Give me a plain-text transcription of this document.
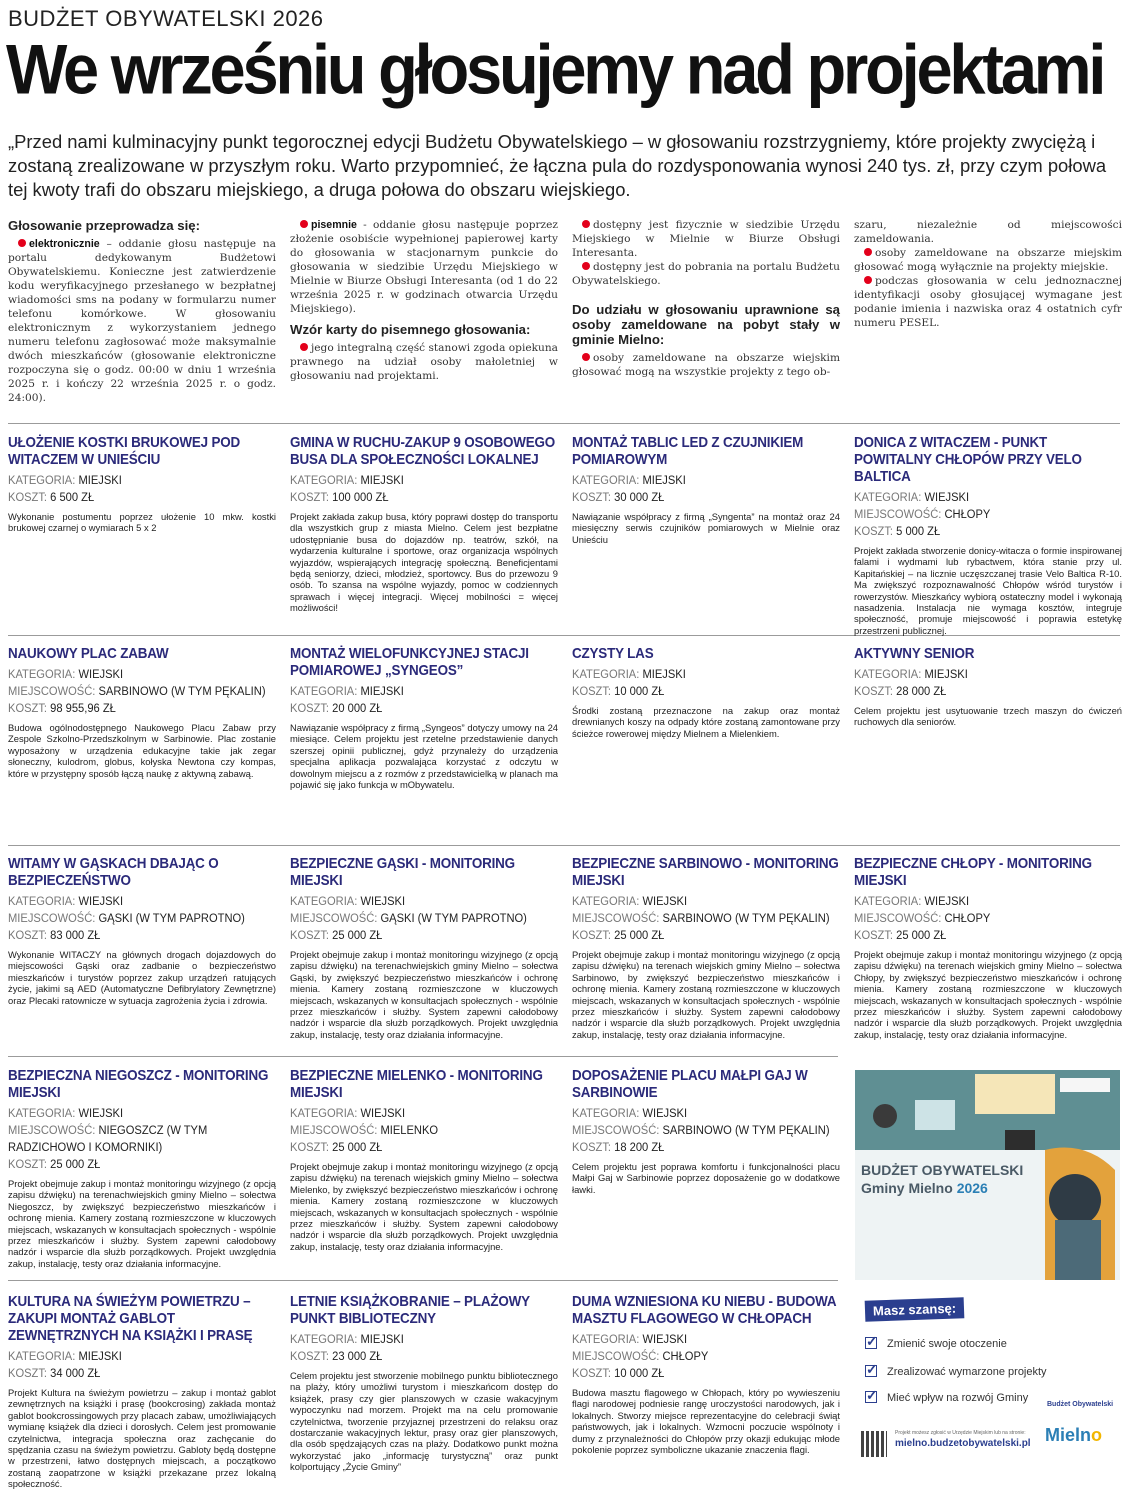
BUDŻET OBYWATELSKI 2026
We wrześniu głosujemy nad projektami
„Przed nami kulminacyjny punkt tegorocznej edycji Budżetu Obywatelskiego – w głosowaniu rozstrzygniemy, które projekty zwyciężą i zostaną zrealizowane w przyszłym roku. Warto przypomnieć, że łączna pula do rozdysponowania wynosi 240 tys. zł, przy czym połowa tej kwoty trafi do obszaru miejskiego, a druga połowa do obszaru wiejskiego.

Głosowanie przeprowadza się:

elektronicznie – oddanie głosu następuje na portalu dedykowanym Budżetowi Obywatelskiemu. Konieczne jest zatwierdzenie kodu weryfikacyjnego przesłanego w bezpłatnej wiadomości sms na podany w formularzu numer telefonu komórkowe. W głosowaniu elektronicznym z wykorzystaniem jednego numeru telefonu zagłosować może maksymalnie dwóch mieszkańców (głosowanie elektroniczne rozpoczyna się o godz. 00:00 w dniu 1 września 2025 r. i kończy 22 września 2025 r. o godz. 24:00).

pisemnie - oddanie głosu następuje poprzez złożenie osobiście wypełnionej papierowej karty do głosowania w stacjonarnym punkcie do głosowania w siedzibie Urzędu Miejskiego w Mielnie w Biurze Obsługi Interesanta (od 1 do 22 września 2025 r. w godzinach otwarcia Urzędu Miejskiego).

Wzór karty do pisemnego głosowania:

jego integralną część stanowi zgoda opiekuna prawnego na udział osoby małoletniej w głosowaniu nad projektami.

dostępny jest fizycznie w siedzibie Urzędu Miejskiego w Mielnie w Biurze Obsługi Interesanta.

dostępny jest do pobrania na portalu Budżetu Obywatelskiego.

Do udziału w głosowaniu uprawnione są osoby zameldowane na pobyt stały w gminie Mielno:

osoby zameldowane na obszarze wiejskim głosować mogą na wszystkie projekty z tego ob-

szaru, niezależnie od miejscowości zameldowania.

osoby zameldowane na obszarze miejskim głosować mogą wyłącznie na projekty miejskie.

podczas głosowania w celu jednoznacznej identyfikacji osoby głosującej wymagane jest podanie imienia i nazwiska oraz 4 ostatnich cyfr numeru PESEL.

UŁOŻENIE KOSTKI BRUKOWEJ POD WITACZEM W UNIEŚCIU
KATEGORIA: MIEJSKI
KOSZT: 6 500 ZŁ
Wykonanie postumentu poprzez ułożenie 10 mkw. kostki brukowej czarnej o wymiarach 5 x 2
GMINA W RUCHU-ZAKUP 9 OSOBOWEGO BUSA DLA SPOŁECZNOŚCI LOKALNEJ
KATEGORIA: MIEJSKI
KOSZT: 100 000 ZŁ
Projekt zakłada zakup busa, który poprawi dostęp do transportu dla wszystkich grup z miasta Mielno. Celem jest bezpłatne udostępnianie busa do dojazdów np. teatrów, szkół, na wydarzenia kulturalne i sportowe, oraz organizacja wspólnych wyjazdów, wspierających integrację społeczną. Beneficjentami będą seniorzy, dzieci, młodzież, sportowcy. Bus do przewozu 9 osób. To szansa na wspólne wyjazdy, pomoc w codziennych sprawach i więcej integracji. Więcej mobilności = więcej możliwości!
MONTAŻ TABLIC LED Z CZUJNIKIEM POMIAROWYM
KATEGORIA: MIEJSKI
KOSZT: 30 000 ZŁ
Nawiązanie współpracy z firmą „Syngenta” na montaż oraz 24 miesięczny serwis czujników pomiarowych w Mielnie oraz Unieściu
DONICA Z WITACZEM - PUNKT POWITALNY CHŁOPÓW PRZY VELO BALTICA
KATEGORIA: WIEJSKI
MIEJSCOWOŚĆ: CHŁOPY
KOSZT: 5 000 ZŁ
Projekt zakłada stworzenie donicy-witacza o formie inspirowanej falami i wydmami lub rybactwem, która stanie przy ul. Kapitańskiej – na licznie uczęszczanej trasie Velo Baltica R-10. Ma zwiększyć rozpoznawalność Chłopów wśród turystów i rowerzystów. Mieszkańcy wybiorą ostateczny model i wykonają nasadzenia. Instalacja nie wymaga kosztów, integruje społeczność, promuje miejscowość i poprawia estetykę przestrzeni publicznej.
NAUKOWY PLAC ZABAW
KATEGORIA: WIEJSKI
MIEJSCOWOŚĆ: SARBINOWO (W TYM PĘKALIN)
KOSZT: 98 955,96 ZŁ
Budowa ogólnodostępnego Naukowego Placu Zabaw przy Zespole Szkolno-Przedszkolnym w Sarbinowie. Plac zostanie wyposażony w urządzenia edukacyjne takie jak zegar słoneczny, kulodrom, globus, kołyska Newtona czy kompas, które w przystępny sposób łączą naukę z aktywną zabawą.
MONTAŻ WIELOFUNKCYJNEJ STACJI POMIAROWEJ „SYNGEOS”
KATEGORIA: MIEJSKI
KOSZT: 20 000 ZŁ
Nawiązanie współpracy z firmą „Syngeos” dotyczy umowy na 24 miesiące. Celem projektu jest rzetelne przedstawienie danych szerszej opinii publicznej, gdyż przynależy do urządzenia specjalna aplikacja pozwalająca korzystać z odczytu w dowolnym miejscu a z rozmów z przedstawicielką w planach ma pojawić się jako funkcja w mObywatelu.
CZYSTY LAS
KATEGORIA: MIEJSKI
KOSZT: 10 000 ZŁ
Środki zostaną przeznaczone na zakup oraz montaż drewnianych koszy na odpady które zostaną zamontowane przy ścieżce rowerowej między Mielnem a Mielenkiem.
AKTYWNY SENIOR
KATEGORIA: MIEJSKI
KOSZT: 28 000 ZŁ
Celem projektu jest usytuowanie trzech maszyn do ćwiczeń ruchowych dla seniorów.
WITAMY W GĄSKACH DBAJĄC O BEZPIECZEŃSTWO
KATEGORIA: WIEJSKI
MIEJSCOWOŚĆ: GĄSKI (W TYM PAPROTNO)
KOSZT: 83 000 ZŁ
Wykonanie WITACZY na głównych drogach dojazdowych do miejscowości Gąski oraz zadbanie o bezpieczeństwo mieszkańców i turystów poprzez zakup urządzeń ratujących życie, jakimi są AED (Automatyczne Defibrylatory Zewnętrzne) oraz Plecaki ratownicze w sytuacja zagrożenia życia i zdrowia.
BEZPIECZNE GĄSKI - MONITORING MIEJSKI
KATEGORIA: WIEJSKI
MIEJSCOWOŚĆ: GĄSKI (W TYM PAPROTNO)
KOSZT: 25 000 ZŁ
Projekt obejmuje zakup i montaż monitoringu wizyjnego (z opcją zapisu dźwięku) na terenachwiejskich gminy Mielno – sołectwa Gąski, by zwiększyć bezpieczeństwo mieszkańców i ochronę mienia. Kamery zostaną rozmieszczone w kluczowych miejscach, wskazanych w konsultacjach społecznych - wspólnie przez mieszkańców i służby. System zapewni całodobowy nadzór i wsparcie dla służb porządkowych. Projekt uwzględnia zakup, instalację, testy oraz działania informacyjne.
BEZPIECZNE SARBINOWO - MONITORING MIEJSKI
KATEGORIA: WIEJSKI
MIEJSCOWOŚĆ: SARBINOWO (W TYM PĘKALIN)
KOSZT: 25 000 ZŁ
Projekt obejmuje zakup i montaż monitoringu wizyjnego (z opcją zapisu dźwięku) na terenach wiejskich gminy Mielno – sołectwa Sarbinowo, by zwiększyć bezpieczeństwo mieszkańców i ochronę mienia. Kamery zostaną rozmieszczone w kluczowych miejscach, wskazanych w konsultacjach społecznych - wspólnie przez mieszkańców i służby. System zapewni całodobowy nadzór i wsparcie dla służb porządkowych. Projekt uwzględnia zakup, instalację, testy oraz działania informacyjne.
BEZPIECZNE CHŁOPY - MONITORING MIEJSKI
KATEGORIA: WIEJSKI
MIEJSCOWOŚĆ: CHŁOPY
KOSZT: 25 000 ZŁ
Projekt obejmuje zakup i montaż monitoringu wizyjnego (z opcją zapisu dźwięku) na terenach wiejskich gminy Mielno – sołectwa Chłopy, by zwiększyć bezpieczeństwo mieszkańców i ochronę mienia. Kamery zostaną rozmieszczone w kluczowych miejscach, wskazanych w konsultacjach społecznych - wspólnie przez mieszkańców i służby. System zapewni całodobowy nadzór i wsparcie dla służb porządkowych. Projekt uwzględnia zakup, instalację, testy oraz działania informacyjne.
BEZPIECZNA NIEGOSZCZ - MONITORING MIEJSKI
KATEGORIA: WIEJSKI
MIEJSCOWOŚĆ: NIEGOSZCZ (W TYM RADZICHOWO I KOMORNIKI)
KOSZT: 25 000 ZŁ
Projekt obejmuje zakup i montaż monitoringu wizyjnego (z opcją zapisu dźwięku) na terenachwiejskich gminy Mielno – sołectwa Niegoszcz, by zwiększyć bezpieczeństwo mieszkańców i ochronę mienia. Kamery zostaną rozmieszczone w kluczowych miejscach, wskazanych w konsultacjach społecznych - wspólnie przez mieszkańców i służby. System zapewni całodobowy nadzór i wsparcie dla służb porządkowych. Projekt uwzględnia zakup, instalację, testy oraz działania informacyjne.
BEZPIECZNE MIELENKO - MONITORING MIEJSKI
KATEGORIA: WIEJSKI
MIEJSCOWOŚĆ: MIELENKO
KOSZT: 25 000 ZŁ
Projekt obejmuje zakup i montaż monitoringu wizyjnego (z opcją zapisu dźwięku) na terenach wiejskich gminy Mielno – sołectwa Mielenko, by zwiększyć bezpieczeństwo mieszkańców i ochronę mienia. Kamery zostaną rozmieszczone w kluczowych miejscach, wskazanych w konsultacjach społecznych - wspólnie przez mieszkańców i służby. System zapewni całodobowy nadzór i wsparcie dla służb porządkowych. Projekt uwzględnia zakup, instalację, testy oraz działania informacyjne.
DOPOSAŻENIE PLACU MAŁPI GAJ W SARBINOWIE
KATEGORIA: WIEJSKI
MIEJSCOWOŚĆ: SARBINOWO (W TYM PĘKALIN)
KOSZT: 18 200 ZŁ
Celem projektu jest poprawa komfortu i funkcjonalności placu Małpi Gaj w Sarbinowie poprzez doposażenie go w dodatkowe ławki.
KULTURA NA ŚWIEŻYM POWIETRZU – ZAKUPI MONTAŻ GABLOT ZEWNĘTRZNYCH NA KSIĄŻKI I PRASĘ
KATEGORIA: MIEJSKI
KOSZT: 34 000 ZŁ
Projekt Kultura na świeżym powietrzu – zakup i montaż gablot zewnętrznych na książki i prasę (bookcrosing) zakłada montaż gablot bookcrossingowych przy placach zabaw, umożliwiających wymianę książek dla dzieci i dorosłych. Celem jest promowanie czytelnictwa, integracja społeczna oraz zachęcanie do spędzania czasu na świeżym powietrzu. Gabloty będą dostępne w przestrzeni, łatwo dostępnych miejscach, a początkowo zostaną zaopatrzone w książki przekazane przez lokalną społeczność.
LETNIE KSIĄŻKOBRANIE – PLAŻOWY PUNKT BIBLIOTECZNY
KATEGORIA: MIEJSKI
KOSZT: 23 000 ZŁ
Celem projektu jest stworzenie mobilnego punktu bibliotecznego na plaży, który umożliwi turystom i mieszkańcom dostęp do książek, prasy czy gier planszowych w czasie wakacyjnym wypoczynku nad morzem. Projekt ma na celu promowanie czytelnictwa, tworzenie przyjaznej przestrzeni do relaksu oraz dostarczanie wakacyjnych lektur, prasy oraz gier planszowych, dla osób spędzających czas na plaży. Dodatkowo punkt można wykorzystać jako „informację turystyczną” oraz punkt kolportujący „Życie Gminy”
DUMA WZNIESIONA KU NIEBU - BUDOWA MASZTU FLAGOWEGO W CHŁOPACH
KATEGORIA: WIEJSKI
MIEJSCOWOŚĆ: CHŁOPY
KOSZT: 10 000 ZŁ
Budowa masztu flagowego w Chłopach, który po wywieszeniu flagi narodowej podniesie rangę uroczystości narodowych, jak i lokalnych. Stworzy miejsce reprezentacyjne do celebracji świąt państwowych, jak i lokalnych. Wzmocni poczucie wspólnoty i dumy z przynależności do Chłopów przy okazji edukując młode pokolenie poprzez symboliczne ukazanie znaczenia flagi.
BUDŻET OBYWATELSKI
Gminy Mielno 2026
Masz szansę:
✓Zmienić swoje otoczenie
✓Zrealizować wymarzone projekty
✓Mieć wpływ na rozwój Gminy
Projekt możesz zgłosić w Urzędzie Miejskim lub na stronie:
mielno.budzetobywatelski.pl
Budżet Obywatelski
Mielno
